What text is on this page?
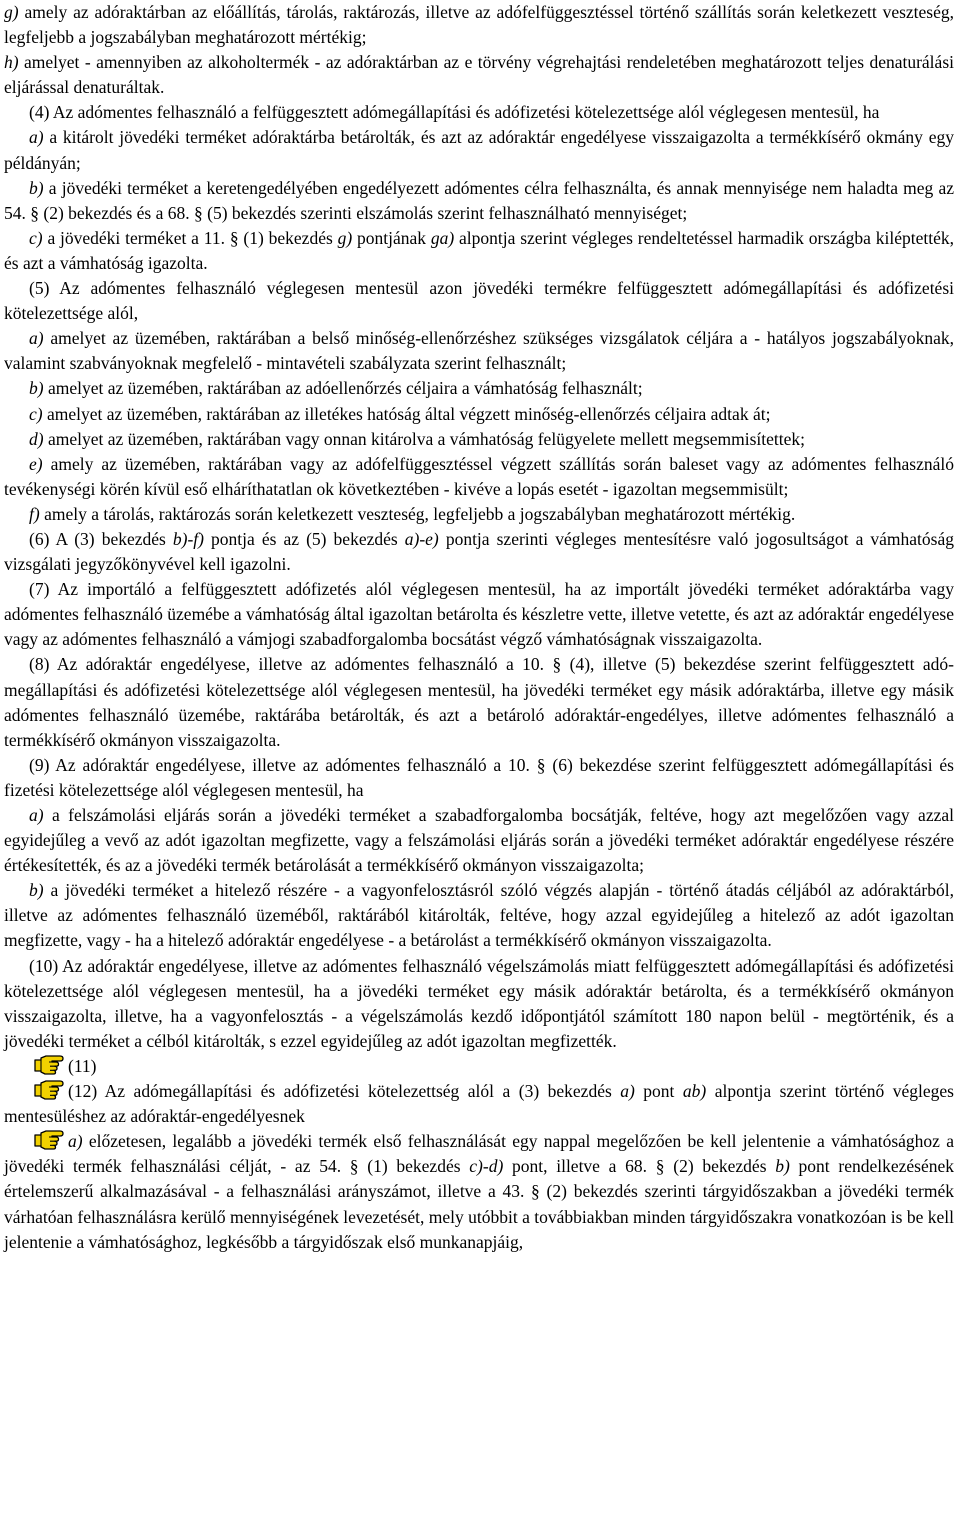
g) amely az adóraktárban az előállítás, tárolás, raktározás, illetve az adófelfüggesztéssel történő szállítás során keletkezett veszteség, legfeljebb a jogszabályban meghatározott mértékig;

h) amelyet - amennyiben az alkoholtermék - az adóraktárban az e törvény végrehajtási rendeletében meghatározott teljes denaturálási eljárással denaturáltak.

(4) Az adómentes felhasználó a felfüggesztett adómegállapítási és adófizetési kötelezettsége alól véglegesen mentesül, ha

a) a kitárolt jövedéki terméket adóraktárba betárolták, és azt az adóraktár engedélyese visszaigazolta a termékkísérő okmány egy példányán;

b) a jövedéki terméket a keretengedélyében engedélyezett adómentes célra felhasználta, és annak mennyisége nem haladta meg az 54. § (2) bekezdés és a 68. § (5) bekezdés szerinti elszámolás szerint felhasználható mennyiséget;

c) a jövedéki terméket a 11. § (1) bekezdés g) pontjának ga) alpontja szerint végleges rendeltetéssel harmadik országba kiléptették, és azt a vámhatóság igazolta.

(5) Az adómentes felhasználó véglegesen mentesül azon jövedéki termékre felfüggesztett adómegállapítási és adófizetési kötelezettsége alól,

a) amelyet az üzemében, raktárában a belső minőség-ellenőrzéshez szükséges vizsgálatok céljára a - hatályos jogszabályoknak, valamint szabványoknak megfelelő - mintavételi szabályzata szerint felhasznált;

b) amelyet az üzemében, raktárában az adóellenőrzés céljaira a vámhatóság felhasznált;

c) amelyet az üzemében, raktárában az illetékes hatóság által végzett minőség-ellenőrzés céljaira adtak át;

d) amelyet az üzemében, raktárában vagy onnan kitárolva a vámhatóság felügyelete mellett megsemmisítettek;

e) amely az üzemében, raktárában vagy az adófelfüggesztéssel végzett szállítás során baleset vagy az adómentes felhasználó tevékenységi körén kívül eső elháríthatatlan ok következtében - kivéve a lopás esetét - igazoltan megsemmisült;

f) amely a tárolás, raktározás során keletkezett veszteség, legfeljebb a jogszabályban meghatározott mértékig.

(6) A (3) bekezdés b)-f) pontja és az (5) bekezdés a)-e) pontja szerinti végleges mentesítésre való jogosultságot a vámhatóság vizsgálati jegyzőkönyvével kell igazolni.

(7) Az importáló a felfüggesztett adófizetés alól véglegesen mentesül, ha az importált jövedéki terméket adóraktárba vagy adómentes felhasználó üzemébe a vámhatóság által igazoltan betárolta és készletre vette, illetve vetette, és azt az adóraktár engedélyese vagy az adómentes felhasználó a vámjogi szabadforgalomba bocsátást végző vámhatóságnak visszaigazolta.

(8) Az adóraktár engedélyese, illetve az adómentes felhasználó a 10. § (4), illetve (5) bekezdése szerint felfüggesztett adó-megállapítási és adófizetési kötelezettsége alól véglegesen mentesül, ha jövedéki terméket egy másik adóraktárba, illetve egy másik adómentes felhasználó üzemébe, raktárába betárolták, és azt a betároló adóraktár-engedélyes, illetve adómentes felhasználó a termékkísérő okmányon visszaigazolta.

(9) Az adóraktár engedélyese, illetve az adómentes felhasználó a 10. § (6) bekezdése szerint felfüggesztett adómegállapítási és fizetési kötelezettsége alól véglegesen mentesül, ha

a) a felszámolási eljárás során a jövedéki terméket a szabadforgalomba bocsátják, feltéve, hogy azt megelőzően vagy azzal egyidejűleg a vevő az adót igazoltan megfizette, vagy a felszámolási eljárás során a jövedéki terméket adóraktár engedélyese részére értékesítették, és az a jövedéki termék betárolását a termékkísérő okmányon visszaigazolta;

b) a jövedéki terméket a hitelező részére - a vagyonfelosztásról szóló végzés alapján - történő átadás céljából az adóraktárból, illetve az adómentes felhasználó üzeméből, raktárából kitárolták, feltéve, hogy azzal egyidejűleg a hitelező az adót igazoltan megfizette, vagy - ha a hitelező adóraktár engedélyese - a betárolást a termékkísérő okmányon visszaigazolta.

(10) Az adóraktár engedélyese, illetve az adómentes felhasználó végelszámolás miatt felfüggesztett adómegállapítási és adófizetési kötelezettsége alól véglegesen mentesül, ha a jövedéki terméket egy másik adóraktár betárolta, és a termékkísérő okmányon visszaigazolta, illetve, ha a vagyonfelosztás - a végelszámolás kezdő időpontjától számított 180 napon belül - megtörténik, és a jövedéki terméket a célból kitárolták, s ezzel egyidejűleg az adót igazoltan megfizették.

(11)

(12) Az adómegállapítási és adófizetési kötelezettség alól a (3) bekezdés a) pont ab) alpontja szerint történő végleges mentesüléshez az adóraktár-engedélyesnek

a) előzetesen, legalább a jövedéki termék első felhasználását egy nappal megelőzően be kell jelentenie a vámhatósághoz a jövedéki termék felhasználási célját, - az 54. § (1) bekezdés c)-d) pont, illetve a 68. § (2) bekezdés b) pont rendelkezésének értelemszerű alkalmazásával - a felhasználási arányszámot, illetve a 43. § (2) bekezdés szerinti tárgyidőszakban a jövedéki termék várhatóan felhasználásra kerülő mennyiségének levezetését, mely utóbbit a továbbiakban minden tárgyidőszakra vonatkozóan is be kell jelentenie a vámhatósághoz, legkésőbb a tárgyidőszak első munkanapjáig,
